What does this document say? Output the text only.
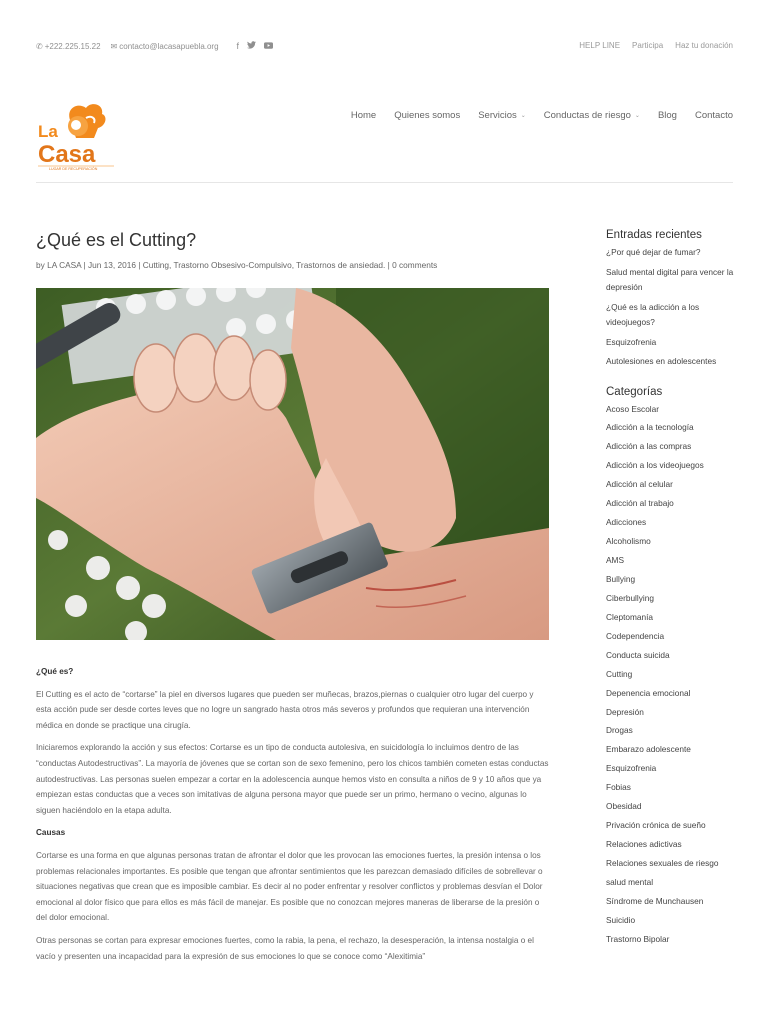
✆ +222.225.15.22 ✉ contacto@lacasapuebla.org f	HELP LINE Participa Haz tu donación
La
Casa
LUGAR DE RECUPERACIÓN
Home Quienes somos Servicios ⌄ Conductas de riesgo ⌄ Blog Contacto
¿Qué es el Cutting?
by LA CASA | Jun 13, 2016 | Cutting, Trastorno Obsesivo-Compulsivo, Trastornos de ansiedad. | 0 comments
¿Qué es?

El Cutting es el acto de “cortarse” la piel en diversos lugares que pueden ser muñecas, brazos,piernas o cualquier otro lugar del cuerpo y esta acción pude ser desde cortes leves que no logre un sangrado hasta otros más severos y profundos que requieran una intervención médica en donde se practique una cirugía.

Iniciaremos explorando la acción y sus efectos: Cortarse es un tipo de conducta autolesiva, en suicidología lo incluimos dentro de las “conductas Autodestructivas”. La mayoría de jóvenes que se cortan son de sexo femenino, pero los chicos también cometen estas conductas autodestructivas. Las personas suelen empezar a cortar en la adolescencia aunque hemos visto en consulta a niños de 9 y 10 años que ya empiezan estas conductas que a veces son imitativas de alguna persona mayor que puede ser un primo, hermano o vecino, algunas lo siguen haciéndolo en la etapa adulta.

Causas

Cortarse es una forma en que algunas personas tratan de afrontar el dolor que les provocan las emociones fuertes, la presión intensa o los problemas relacionales importantes. Es posible que tengan que afrontar sentimientos que les parezcan demasiado difíciles de sobrellevar o situaciones negativas que crean que es imposible cambiar. Es decir al no poder enfrentar y resolver conflictos y problemas desvían el Dolor emocional al dolor físico que para ellos es más fácil de manejar. Es posible que no conozcan mejores maneras de liberarse de la presión o del dolor emocional.

Otras personas se cortan para expresar emociones fuertes, como la rabia, la pena, el rechazo, la desesperación, la intensa nostalgia o el vacío y presenten una incapacidad para la expresión de sus emociones lo que se conoce como “Alexitimia”

Entradas recientes
¿Por qué dejar de fumar?
Salud mental digital para vencer la depresión
¿Qué es la adicción a los videojuegos?
Esquizofrenia
Autolesiones en adolescentes
Categorías
Acoso Escolar
Adicción a la tecnología
Adicción a las compras
Adicción a los videojuegos
Adicción al celular
Adicción al trabajo
Adicciones
Alcoholismo
AMS
Bullying
Ciberbullying
Cleptomanía
Codependencia
Conducta suicida
Cutting
Depenencia emocional
Depresión
Drogas
Embarazo adolescente
Esquizofrenia
Fobias
Obesidad
Privación crónica de sueño
Relaciones adictivas
Relaciones sexuales de riesgo
salud mental
Síndrome de Munchausen
Suicidio
Trastorno Bipolar
